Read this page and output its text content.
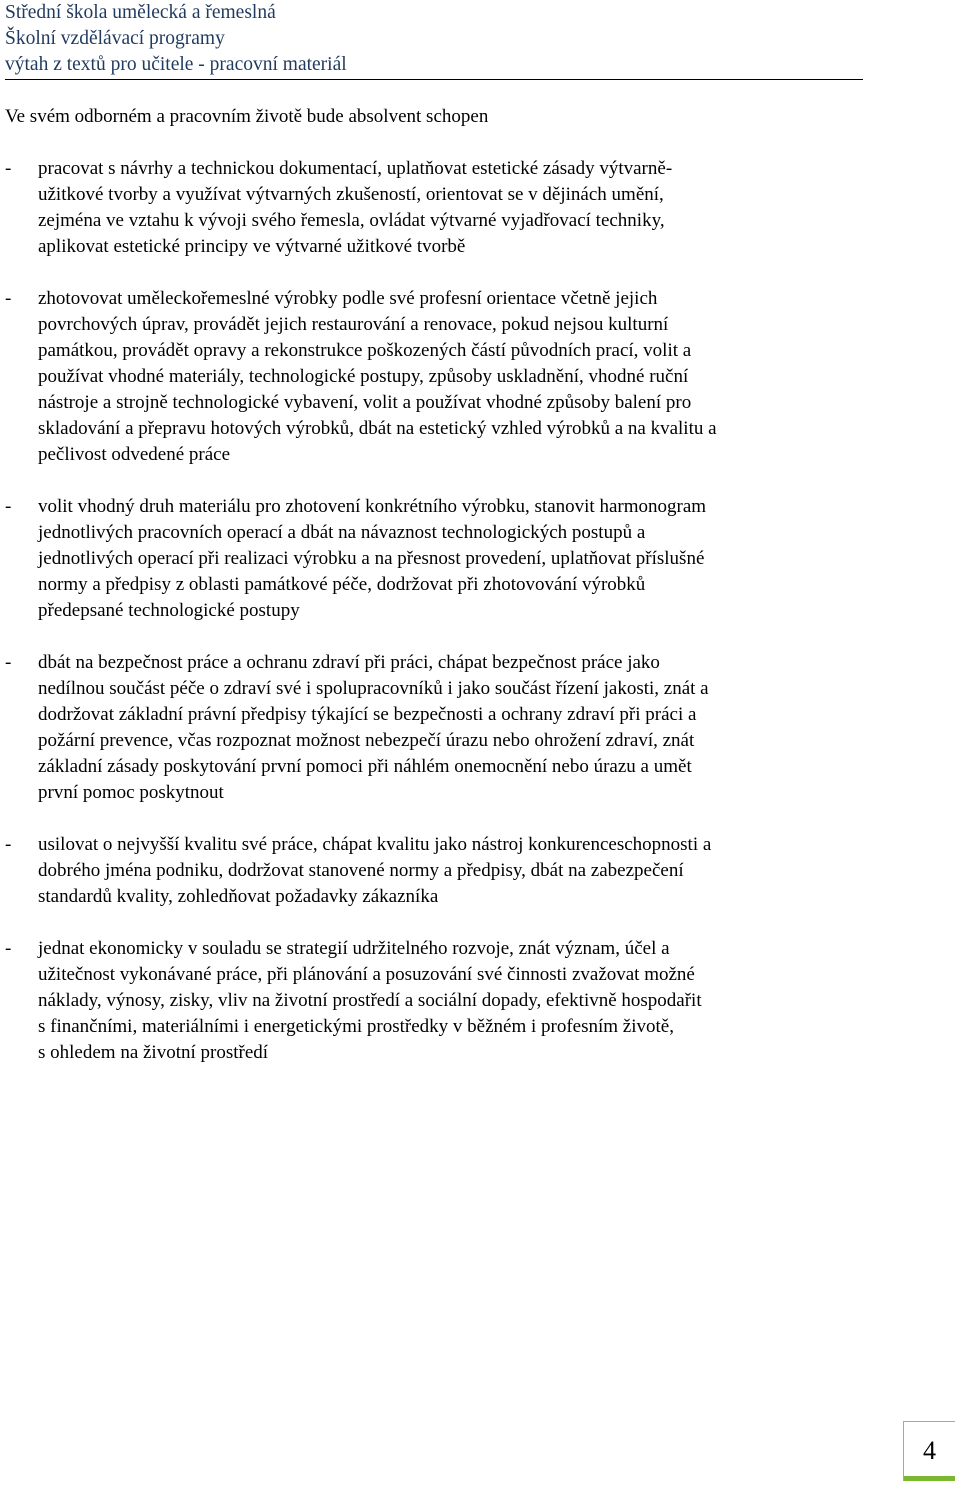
Střední škola umělecká a řemeslná
Školní vzdělávací programy
výtah z textů pro učitele - pracovní materiál

Ve svém odborném a pracovním životě bude absolvent schopen

- pracovat s návrhy a technickou dokumentací, uplatňovat estetické zásady výtvarně-
užitkové tvorby a využívat výtvarných zkušeností, orientovat se v dějinách umění,
zejména ve vztahu k vývoji svého řemesla, ovládat výtvarné vyjadřovací techniky,
aplikovat estetické principy ve výtvarné užitkové tvorbě
- zhotovovat uměleckořemeslné výrobky podle své profesní orientace včetně jejich
povrchových úprav, provádět jejich restaurování a renovace, pokud nejsou kulturní
památkou, provádět opravy a rekonstrukce poškozených částí původních prací, volit a
používat vhodné materiály, technologické postupy, způsoby uskladnění, vhodné ruční
nástroje a strojně technologické vybavení, volit a používat vhodné způsoby balení pro
skladování a přepravu hotových výrobků, dbát na estetický vzhled výrobků a na kvalitu a
pečlivost odvedené práce
- volit vhodný druh materiálu pro zhotovení konkrétního výrobku, stanovit harmonogram
jednotlivých pracovních operací a dbát na návaznost technologických postupů a
jednotlivých operací při realizaci výrobku a na přesnost provedení, uplatňovat příslušné
normy a předpisy z oblasti památkové péče, dodržovat při zhotovování výrobků
předepsané technologické postupy
- dbát na bezpečnost práce a ochranu zdraví při práci, chápat bezpečnost práce jako
nedílnou součást péče o zdraví své i spolupracovníků i jako součást řízení jakosti, znát a
dodržovat základní právní předpisy týkající se bezpečnosti a ochrany zdraví při práci a
požární prevence, včas rozpoznat možnost nebezpečí úrazu nebo ohrožení zdraví, znát
základní zásady poskytování první pomoci při náhlém onemocnění nebo úrazu a umět
první pomoc poskytnout
- usilovat o nejvyšší kvalitu své práce, chápat kvalitu jako nástroj konkurenceschopnosti a
dobrého jména podniku, dodržovat stanovené normy a předpisy, dbát na zabezpečení
standardů kvality, zohledňovat požadavky zákazníka
- jednat ekonomicky v souladu se strategií udržitelného rozvoje, znát význam, účel a
užitečnost vykonávané práce, při plánování a posuzování své činnosti zvažovat možné
náklady, výnosy, zisky, vliv na životní prostředí a sociální dopady, efektivně hospodařit
s finančními, materiálními i energetickými prostředky v běžném i profesním životě,
s ohledem na životní prostředí
4
